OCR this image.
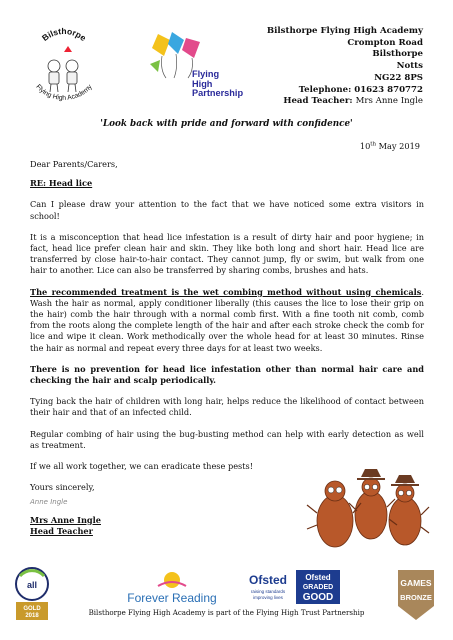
Bilsthorpe
Flying High Academy
Flying
High
Partnership
Bilsthorpe Flying High Academy
Crompton Road
Bilsthorpe
Notts
NG22 8PS
Telephone: 01623 870772
Head Teacher: Mrs Anne Ingle
'Look back with pride and forward with confidence'
10th May 2019

Dear Parents/Carers,

RE: Head lice

Can I please draw your attention to the fact that we have noticed some extra visitors in school!

It is a misconception that head lice infestation is a result of dirty hair and poor hygiene; in fact, head lice prefer clean hair and skin. They like both long and short hair. Head lice are transferred by close hair-to-hair contact. They cannot jump, fly or swim, but walk from one hair to another. Lice can also be transferred by sharing combs, brushes and hats.

The recommended treatment is the wet combing method without using chemicals. Wash the hair as normal, apply conditioner liberally (this causes the lice to lose their grip on the hair) comb the hair through with a normal comb first. With a fine tooth nit comb, comb from the roots along the complete length of the hair and after each stroke check the comb for lice and wipe it clean. Work methodically over the whole head for at least 30 minutes. Rinse the hair as normal and repeat every three days for at least two weeks.

There is no prevention for head lice infestation other than normal hair care and checking the hair and scalp periodically.

Tying back the hair of children with long hair, helps reduce the likelihood of contact between their hair and that of an infected child.

Regular combing of hair using the bug-busting method can help with early detection as well as treatment.

If we all work together, we can eradicate these pests!

Yours sincerely,

Anne Ingle

Mrs Anne Ingle
Head Teacher
all
GOLD
2018
Forever Reading
Ofsted
raising standards
improving lives
Ofsted
GRADED
GOOD
GAMES
BRONZE
Bilsthorpe Flying High Academy is part of the Flying High Trust Partnership
